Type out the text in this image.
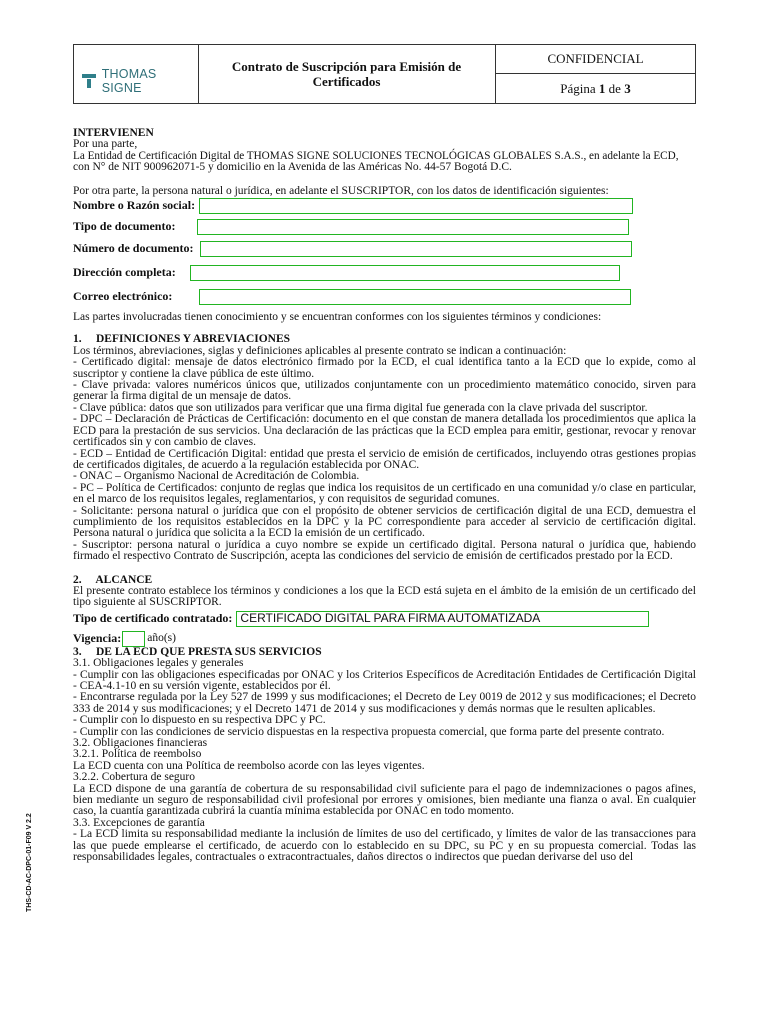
THOMAS SIGNE
Contrato de Suscripción para Emisión de Certificados
CONFIDENCIAL
Página 1 de 3

INTERVIENEN

Por una parte,

La Entidad de Certificación Digital de THOMAS SIGNE SOLUCIONES TECNOLÓGICAS GLOBALES S.A.S., en adelante la ECD,

con N° de NIT 900962071-5 y domicilio en la Avenida de las Américas No. 44-57 Bogotá D.C.

Por otra parte, la persona natural o jurídica, en adelante el SUSCRIPTOR, con los datos de identificación siguientes:

Nombre o Razón social:
Tipo de documento:
Número de documento:
Dirección completa:
Correo electrónico:

Las partes involucradas tienen conocimiento y se encuentran conformes con los siguientes términos y condiciones:

1.     DEFINICIONES Y ABREVIACIONES

Los términos, abreviaciones, siglas y definiciones aplicables al presente contrato se indican a continuación:

- Certificado digital: mensaje de datos electrónico firmado por la ECD, el cual identifica tanto a la ECD que lo expide, como al suscriptor y contiene la clave pública de este último.

- Clave privada: valores numéricos únicos que, utilizados conjuntamente con un procedimiento matemático conocido, sirven para generar la firma digital de un mensaje de datos.

- Clave pública: datos que son utilizados para verificar que una firma digital fue generada con la clave privada del suscriptor.

- DPC – Declaración de Prácticas de Certificación: documento en el que constan de manera detallada los procedimientos que aplica la ECD para la prestación de sus servicios. Una declaración de las prácticas que la ECD emplea para emitir, gestionar, revocar y renovar certificados sin y con cambio de claves.

- ECD – Entidad de Certificación Digital: entidad que presta el servicio de emisión de certificados, incluyendo otras gestiones propias de certificados digitales, de acuerdo a la regulación establecida por ONAC.

- ONAC – Organismo Nacional de Acreditación de Colombia.

- PC – Política de Certificados: conjunto de reglas que indica los requisitos de un certificado en una comunidad y/o clase en particular, en el marco de los requisitos legales, reglamentarios, y con requisitos de seguridad comunes.

- Solicitante: persona natural o jurídica que con el propósito de obtener servicios de certificación digital de una ECD, demuestra el cumplimiento de los requisitos establecidos en la DPC y la PC correspondiente para acceder al servicio de certificación digital. Persona natural o jurídica que solicita a la ECD la emisión de un certificado.

- Suscriptor: persona natural o jurídica a cuyo nombre se expide un certificado digital. Persona natural o jurídica que, habiendo firmado el respectivo Contrato de Suscripción, acepta las condiciones del servicio de emisión de certificados prestado por la ECD.

2.     ALCANCE

El presente contrato establece los términos y condiciones a los que la ECD está sujeta en el ámbito de la emisión de un certificado del tipo siguiente al SUSCRIPTOR.

Tipo de certificado contratado: CERTIFICADO DIGITAL PARA FIRMA AUTOMATIZADA
Vigencia: año(s)

3.     DE LA ECD QUE PRESTA SUS SERVICIOS

3.1. Obligaciones legales y generales

- Cumplir con las obligaciones especificadas por ONAC y los Criterios Específicos de Acreditación Entidades de Certificación Digital - CEA-4.1-10 en su versión vigente, establecidos por él.

- Encontrarse regulada por la Ley 527 de 1999 y sus modificaciones; el Decreto de Ley 0019 de 2012 y sus modificaciones; el Decreto 333 de 2014 y sus modificaciones; y el Decreto 1471 de 2014 y sus modificaciones y demás normas que le resulten aplicables.

- Cumplir con lo dispuesto en su respectiva DPC y PC.

- Cumplir con las condiciones de servicio dispuestas en la respectiva propuesta comercial, que forma parte del presente contrato.

3.2. Obligaciones financieras

3.2.1. Política de reembolso

La ECD cuenta con una Política de reembolso acorde con las leyes vigentes.

3.2.2. Cobertura de seguro

La ECD dispone de una garantía de cobertura de su responsabilidad civil suficiente para el pago de indemnizaciones o pagos afines, bien mediante un seguro de responsabilidad civil profesional por errores y omisiones, bien mediante una fianza o aval. En cualquier caso, la cuantía garantizada cubrirá la cuantía mínima establecida por ONAC en todo momento.

3.3. Excepciones de garantía

- La ECD limita su responsabilidad mediante la inclusión de límites de uso del certificado, y límites de valor de las transacciones para las que puede emplearse el certificado, de acuerdo con lo establecido en su DPC, su PC y en su propuesta comercial. Todas las responsabilidades legales, contractuales o extracontractuales, daños directos o indirectos que puedan derivarse del uso del

THS-CD-AC-DPC-01-F09 V 2.2
